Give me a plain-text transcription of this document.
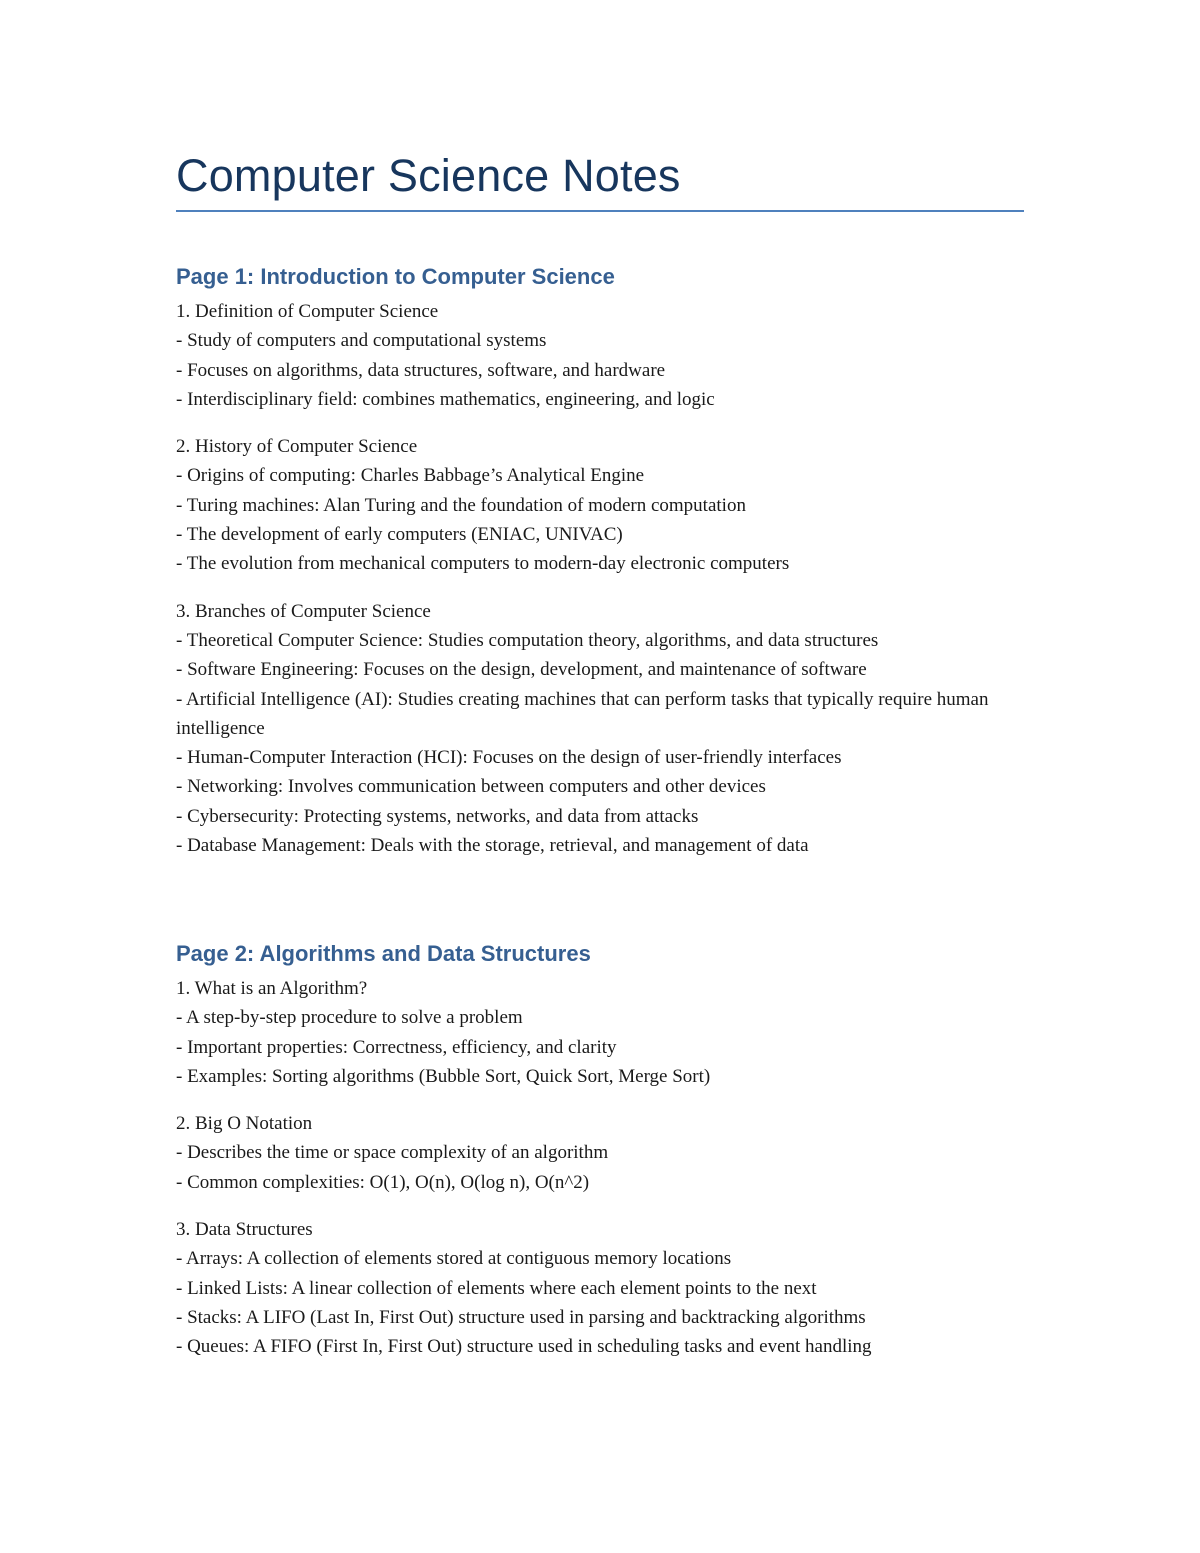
Computer Science Notes
Page 1: Introduction to Computer Science

1. Definition of Computer Science

- Study of computers and computational systems

- Focuses on algorithms, data structures, software, and hardware

- Interdisciplinary field: combines mathematics, engineering, and logic

2. History of Computer Science

- Origins of computing: Charles Babbage’s Analytical Engine

- Turing machines: Alan Turing and the foundation of modern computation

- The development of early computers (ENIAC, UNIVAC)

- The evolution from mechanical computers to modern-day electronic computers

3. Branches of Computer Science

- Theoretical Computer Science: Studies computation theory, algorithms, and data structures

- Software Engineering: Focuses on the design, development, and maintenance of software

- Artificial Intelligence (AI): Studies creating machines that can perform tasks that typically require human intelligence

- Human-Computer Interaction (HCI): Focuses on the design of user-friendly interfaces

- Networking: Involves communication between computers and other devices

- Cybersecurity: Protecting systems, networks, and data from attacks

- Database Management: Deals with the storage, retrieval, and management of data

Page 2: Algorithms and Data Structures

1. What is an Algorithm?

- A step-by-step procedure to solve a problem

- Important properties: Correctness, efficiency, and clarity

- Examples: Sorting algorithms (Bubble Sort, Quick Sort, Merge Sort)

2. Big O Notation

- Describes the time or space complexity of an algorithm

- Common complexities: O(1), O(n), O(log n), O(n^2)

3. Data Structures

- Arrays: A collection of elements stored at contiguous memory locations

- Linked Lists: A linear collection of elements where each element points to the next

- Stacks: A LIFO (Last In, First Out) structure used in parsing and backtracking algorithms

- Queues: A FIFO (First In, First Out) structure used in scheduling tasks and event handling
